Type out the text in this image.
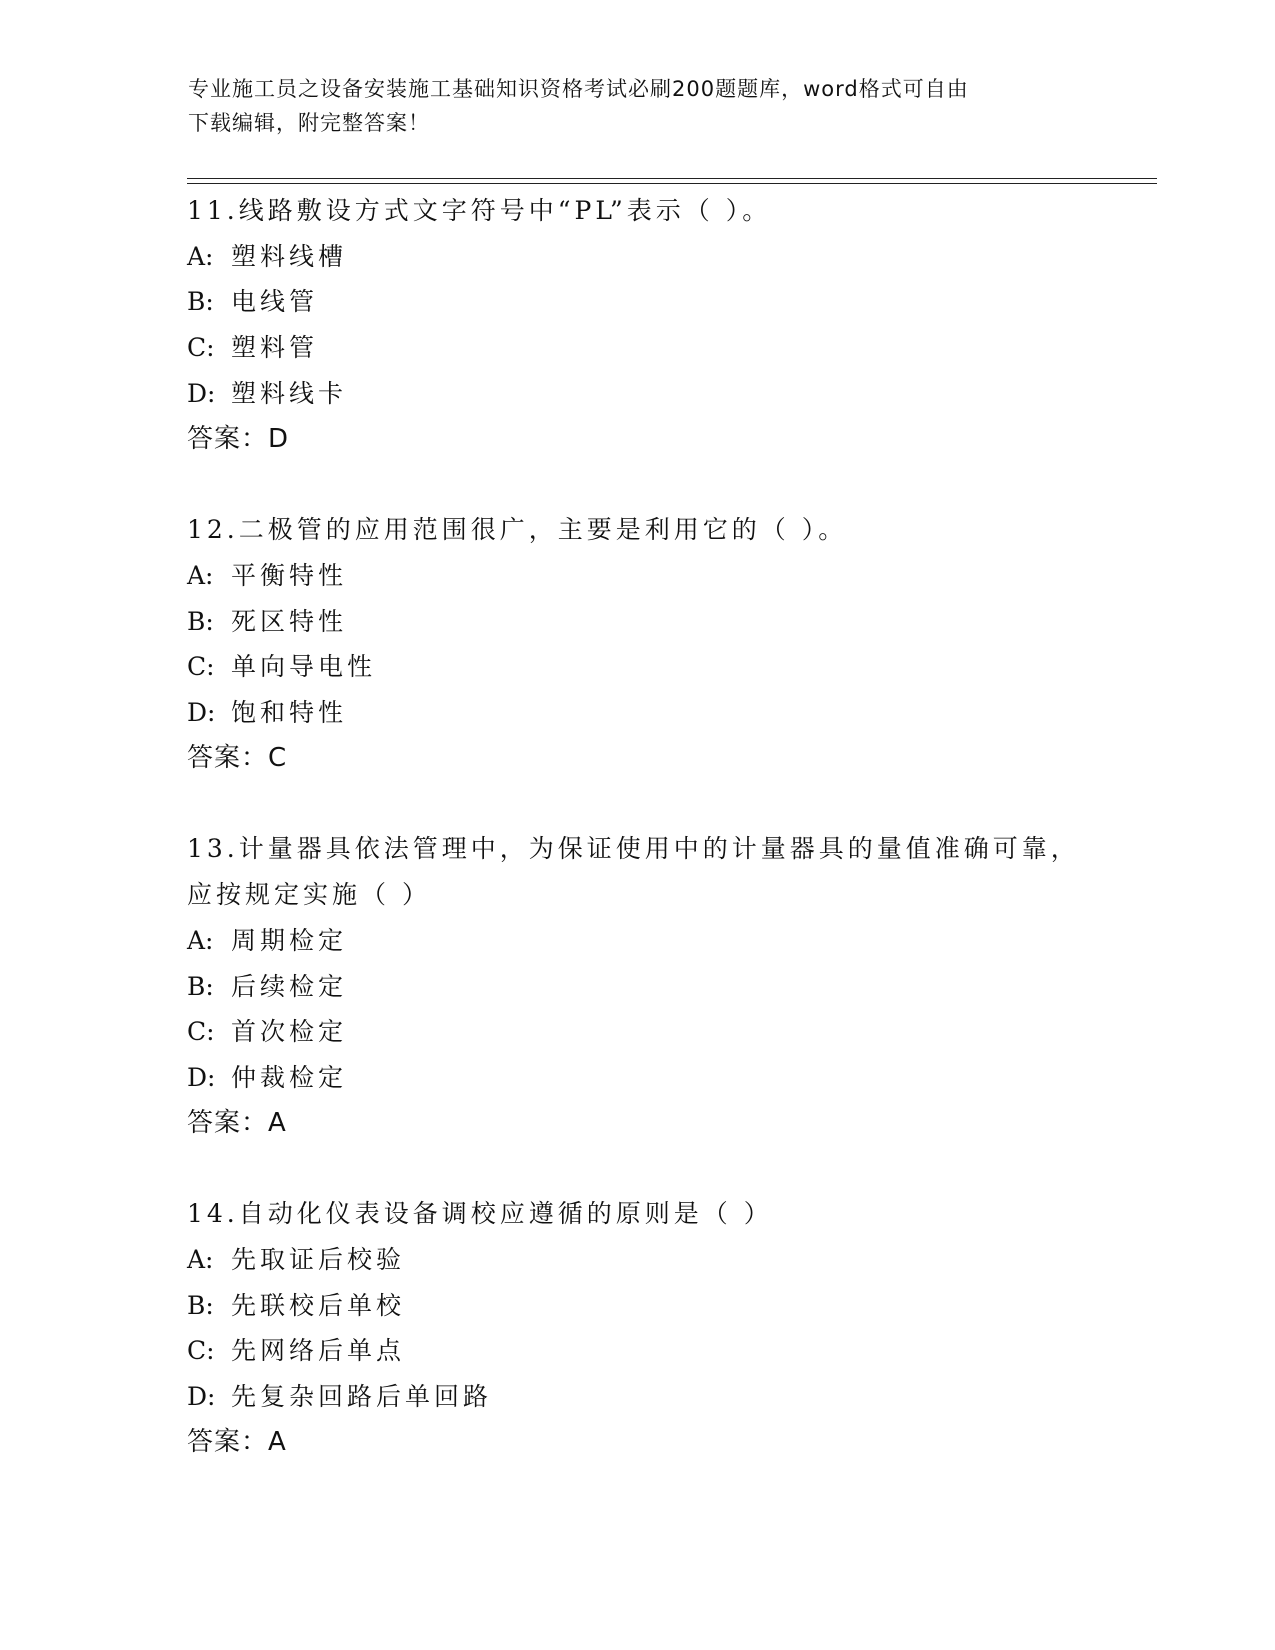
专业施工员之设备安装施工基础知识资格考试必刷200题题库，word格式可自由
下载编辑，附完整答案！
11.线路敷设方式文字符号中“PL”表示（ ）。
A: 塑料线槽
B: 电线管
C: 塑料管
D: 塑料线卡
答案：D
12.二极管的应用范围很广，主要是利用它的（ ）。
A: 平衡特性
B: 死区特性
C: 单向导电性
D: 饱和特性
答案：C
13.计量器具依法管理中，为保证使用中的计量器具的量值准确可靠，
应按规定实施（ ）
A: 周期检定
B: 后续检定
C: 首次检定
D: 仲裁检定
答案：A
14.自动化仪表设备调校应遵循的原则是（ ）
A: 先取证后校验
B: 先联校后单校
C: 先网络后单点
D: 先复杂回路后单回路
答案：A
